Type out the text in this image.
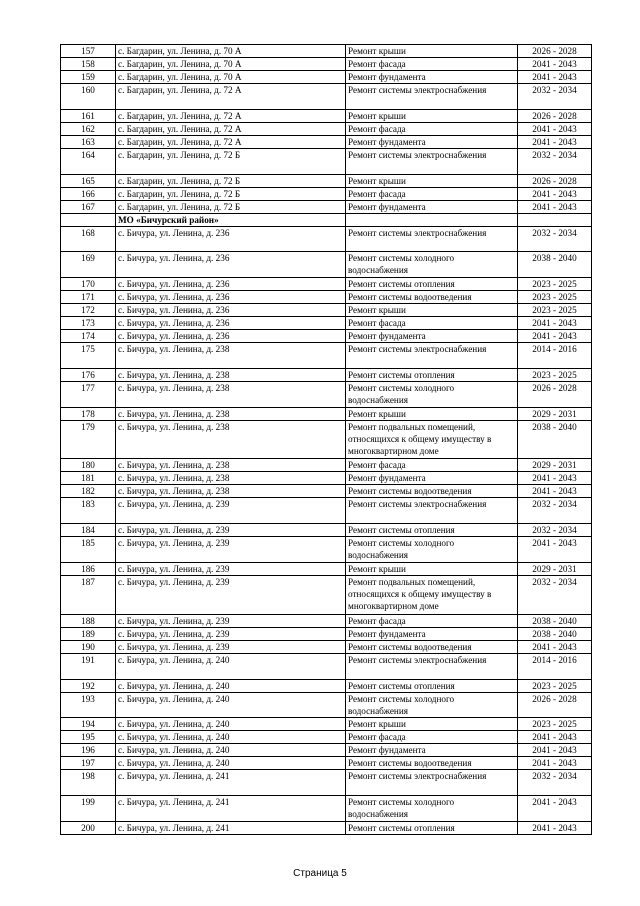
157	с. Багдарин, ул. Ленина, д. 70 А	Ремонт крыши	2026 - 2028
158	с. Багдарин, ул. Ленина, д. 70 А	Ремонт фасада	2041 - 2043
159	с. Багдарин, ул. Ленина, д. 70 А	Ремонт фундамента	2041 - 2043
160	с. Багдарин, ул. Ленина, д. 72 А	Ремонт системы электроснабжения	2032 - 2034
161	с. Багдарин, ул. Ленина, д. 72 А	Ремонт крыши	2026 - 2028
162	с. Багдарин, ул. Ленина, д. 72 А	Ремонт фасада	2041 - 2043
163	с. Багдарин, ул. Ленина, д. 72 А	Ремонт фундамента	2041 - 2043
164	с. Багдарин, ул. Ленина, д. 72 Б	Ремонт системы электроснабжения	2032 - 2034
165	с. Багдарин, ул. Ленина, д. 72 Б	Ремонт крыши	2026 - 2028
166	с. Багдарин, ул. Ленина, д. 72 Б	Ремонт фасада	2041 - 2043
167	с. Багдарин, ул. Ленина, д. 72 Б	Ремонт фундамента	2041 - 2043
	МО «Бичурский район»		
168	с. Бичура, ул. Ленина, д. 236	Ремонт системы электроснабжения	2032 - 2034
169	с. Бичура, ул. Ленина, д. 236	Ремонт системы холодного водоснабжения	2038 - 2040
170	с. Бичура, ул. Ленина, д. 236	Ремонт системы отопления	2023 - 2025
171	с. Бичура, ул. Ленина, д. 236	Ремонт системы водоотведения	2023 - 2025
172	с. Бичура, ул. Ленина, д. 236	Ремонт крыши	2023 - 2025
173	с. Бичура, ул. Ленина, д. 236	Ремонт фасада	2041 - 2043
174	с. Бичура, ул. Ленина, д. 236	Ремонт фундамента	2041 - 2043
175	с. Бичура, ул. Ленина, д. 238	Ремонт системы электроснабжения	2014 - 2016
176	с. Бичура, ул. Ленина, д. 238	Ремонт системы отопления	2023 - 2025
177	с. Бичура, ул. Ленина, д. 238	Ремонт системы холодного водоснабжения	2026 - 2028
178	с. Бичура, ул. Ленина, д. 238	Ремонт крыши	2029 - 2031
179	с. Бичура, ул. Ленина, д. 238	Ремонт подвальных помещений, относящихся к общему имуществу в многоквартирном доме	2038 - 2040
180	с. Бичура, ул. Ленина, д. 238	Ремонт фасада	2029 - 2031
181	с. Бичура, ул. Ленина, д. 238	Ремонт фундамента	2041 - 2043
182	с. Бичура, ул. Ленина, д. 238	Ремонт системы водоотведения	2041 - 2043
183	с. Бичура, ул. Ленина, д. 239	Ремонт системы электроснабжения	2032 - 2034
184	с. Бичура, ул. Ленина, д. 239	Ремонт системы отопления	2032 - 2034
185	с. Бичура, ул. Ленина, д. 239	Ремонт системы холодного водоснабжения	2041 - 2043
186	с. Бичура, ул. Ленина, д. 239	Ремонт крыши	2029 - 2031
187	с. Бичура, ул. Ленина, д. 239	Ремонт подвальных помещений, относящихся к общему имуществу в многоквартирном доме	2032 - 2034
188	с. Бичура, ул. Ленина, д. 239	Ремонт фасада	2038 - 2040
189	с. Бичура, ул. Ленина, д. 239	Ремонт фундамента	2038 - 2040
190	с. Бичура, ул. Ленина, д. 239	Ремонт системы водоотведения	2041 - 2043
191	с. Бичура, ул. Ленина, д. 240	Ремонт системы электроснабжения	2014 - 2016
192	с. Бичура, ул. Ленина, д. 240	Ремонт системы отопления	2023 - 2025
193	с. Бичура, ул. Ленина, д. 240	Ремонт системы холодного водоснабжения	2026 - 2028
194	с. Бичура, ул. Ленина, д. 240	Ремонт крыши	2023 - 2025
195	с. Бичура, ул. Ленина, д. 240	Ремонт фасада	2041 - 2043
196	с. Бичура, ул. Ленина, д. 240	Ремонт фундамента	2041 - 2043
197	с. Бичура, ул. Ленина, д. 240	Ремонт системы водоотведения	2041 - 2043
198	с. Бичура, ул. Ленина, д. 241	Ремонт системы электроснабжения	2032 - 2034
199	с. Бичура, ул. Ленина, д. 241	Ремонт системы холодного водоснабжения	2041 - 2043
200	с. Бичура, ул. Ленина, д. 241	Ремонт системы отопления	2041 - 2043
Страница 5
